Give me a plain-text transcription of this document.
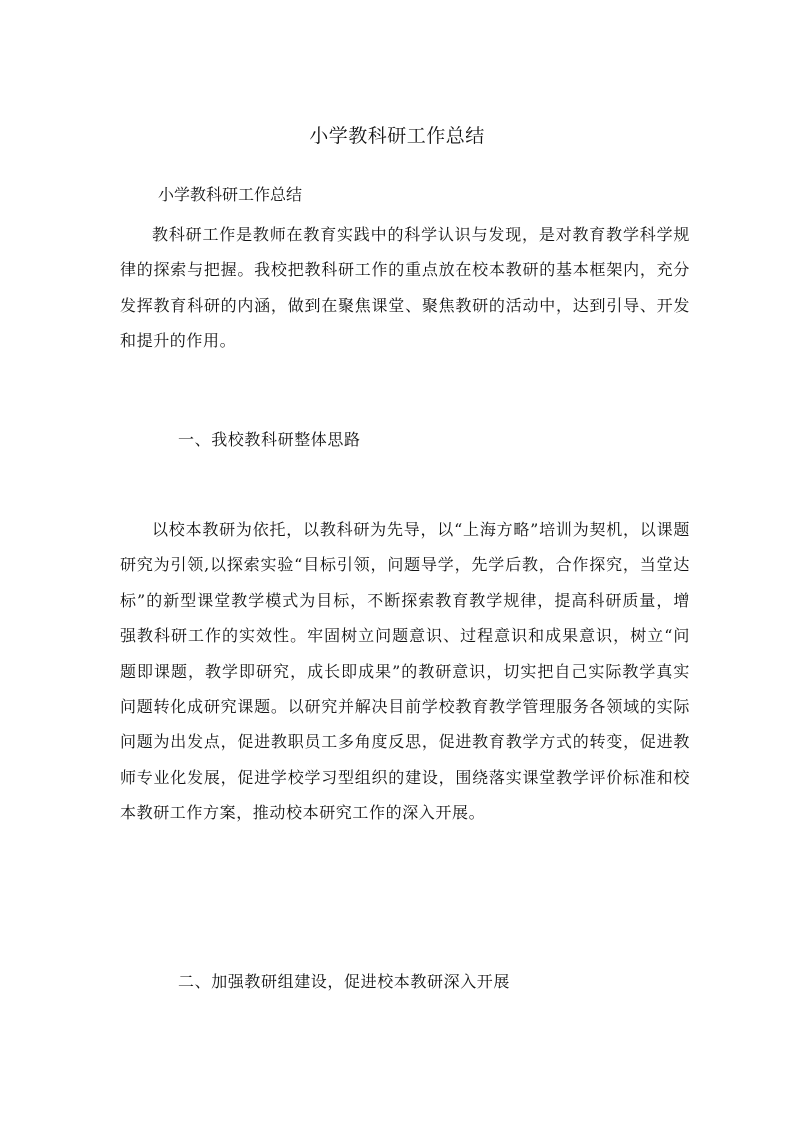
小学教科研工作总结
小学教科研工作总结

教科研工作是教师在教育实践中的科学认识与发现，是对教育教学科学规律的探索与把握。我校把教科研工作的重点放在校本教研的基本框架内，充分发挥教育科研的内涵，做到在聚焦课堂、聚焦教研的活动中，达到引导、开发和提升的作用。

一、我校教科研整体思路

以校本教研为依托，以教科研为先导，以“上海方略”培训为契机，以课题研究为引领,以探索实验“目标引领，问题导学，先学后教，合作探究，当堂达标”的新型课堂教学模式为目标，不断探索教育教学规律，提高科研质量，增强教科研工作的实效性。牢固树立问题意识、过程意识和成果意识，树立“问题即课题，教学即研究，成长即成果”的教研意识，切实把自己实际教学真实问题转化成研究课题。以研究并解决目前学校教育教学管理服务各领域的实际问题为出发点，促进教职员工多角度反思，促进教育教学方式的转变，促进教师专业化发展，促进学校学习型组织的建设，围绕落实课堂教学评价标准和校本教研工作方案，推动校本研究工作的深入开展。

二、加强教研组建设，促进校本教研深入开展
